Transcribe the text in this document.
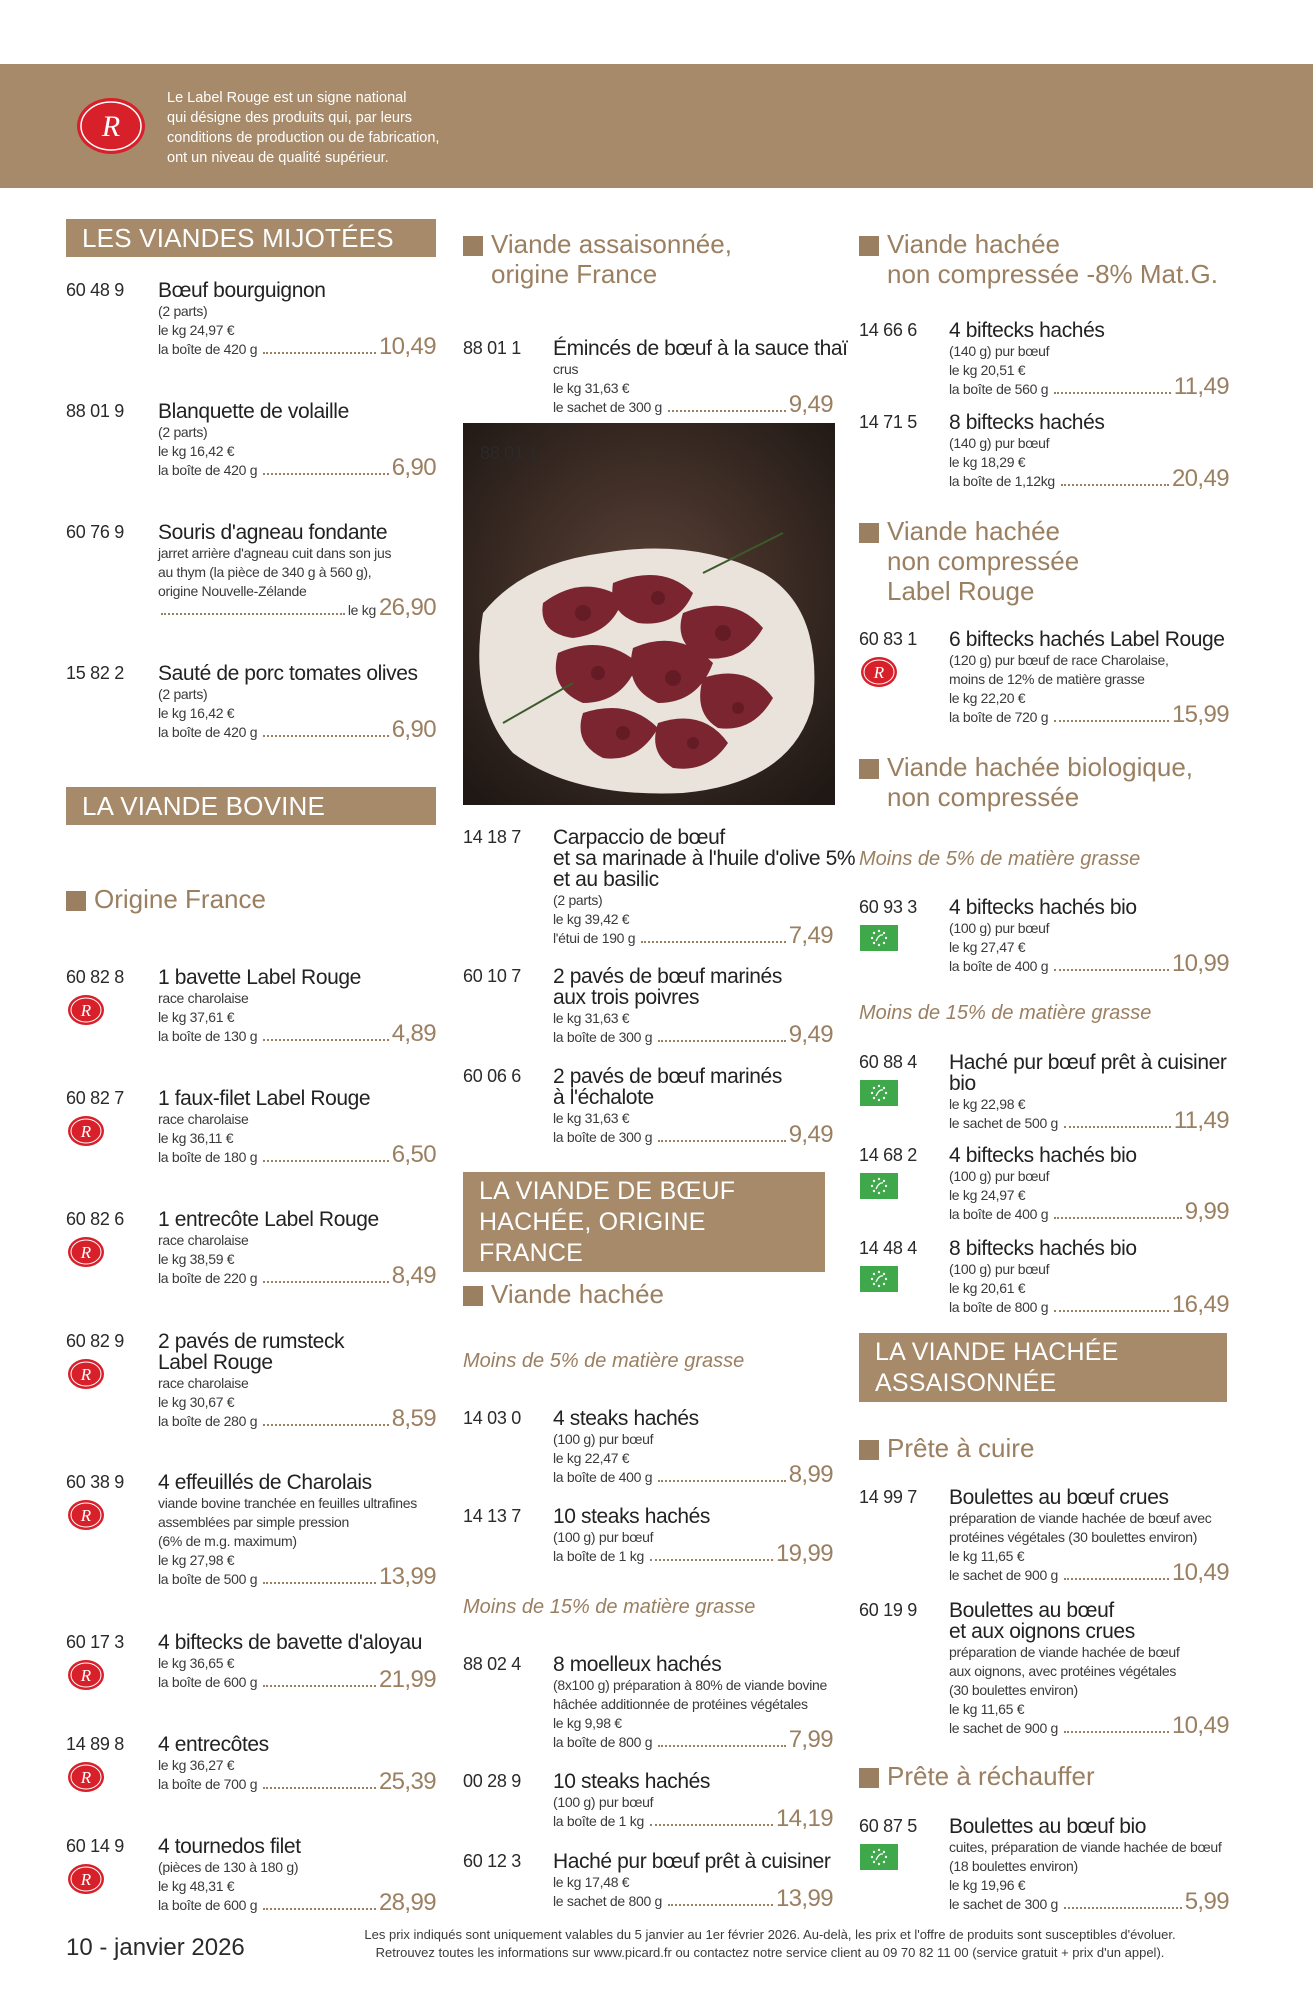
R
Le Label Rouge est un signe national
qui désigne des produits qui, par leurs
conditions de production ou de fabrication,
ont un niveau de qualité supérieur.
LES VIANDES MIJOTÉES
60 48 9 Bœuf bourguignon
(2 parts)
le kg 24,97 €
la boîte de 420 g	10,49
88 01 9 Blanquette de volaille
(2 parts)
le kg 16,42 €
la boîte de 420 g	6,90
60 76 9 Souris d'agneau fondante
jarret arrière d'agneau cuit dans son jus
au thym (la pièce de 340 g à 560 g),
origine Nouvelle-Zélande
le kg 26,90
15 82 2 Sauté de porc tomates olives
(2 parts)
le kg 16,42 €
la boîte de 420 g	6,90
LA VIANDE BOVINE
Origine France
60 82 8
R
1 bavette Label Rouge
race charolaise
le kg 37,61 €
la boîte de 130 g	4,89
60 82 7
R
1 faux-filet Label Rouge
race charolaise
le kg 36,11 €
la boîte de 180 g	6,50
60 82 6
R
1 entrecôte Label Rouge
race charolaise
le kg 38,59 €
la boîte de 220 g	8,49
60 82 9
R
2 pavés de rumsteck
Label Rouge
race charolaise
le kg 30,67 €
la boîte de 280 g	8,59
60 38 9
R
4 effeuillés de Charolais
viande bovine tranchée en feuilles ultrafines
assemblées par simple pression
(6% de m.g. maximum)
le kg 27,98 €
la boîte de 500 g	13,99
60 17 3
R
4 biftecks de bavette d'aloyau
le kg 36,65 €
la boîte de 600 g	21,99
14 89 8
R
4 entrecôtes
le kg 36,27 €
la boîte de 700 g	25,39
60 14 9
R
4 tournedos filet
(pièces de 130 à 180 g)
le kg 48,31 €
la boîte de 600 g	28,99
Viande assaisonnée,
origine France
88 01 1 Émincés de bœuf à la sauce thaï
crus
le kg 31,63 €
le sachet de 300 g	9,49
88 01 1
14 18 7 Carpaccio de bœuf
et sa marinade à l'huile d'olive 5%
et au basilic
(2 parts)
le kg 39,42 €
l'étui de 190 g	7,49
60 10 7 2 pavés de bœuf marinés
aux trois poivres
le kg 31,63 €
la boîte de 300 g	9,49
60 06 6 2 pavés de bœuf marinés
à l'échalote
le kg 31,63 €
la boîte de 300 g	9,49
LA VIANDE DE BŒUF
HACHÉE, ORIGINE FRANCE
Viande hachée
Moins de 5% de matière grasse
14 03 0 4 steaks hachés
(100 g) pur bœuf
le kg 22,47 €
la boîte de 400 g	8,99
14 13 7 10 steaks hachés
(100 g) pur bœuf
la boîte de 1 kg	19,99
Moins de 15% de matière grasse
88 02 4 8 moelleux hachés
(8x100 g) préparation à 80% de viande bovine
hâchée additionnée de protéines végétales
le kg 9,98 €
la boîte de 800 g	7,99
00 28 9 10 steaks hachés
(100 g) pur bœuf
la boîte de 1 kg	14,19
60 12 3 Haché pur bœuf prêt à cuisiner
le kg 17,48 €
le sachet de 800 g	13,99
Viande hachée
non compressée -8% Mat.G.
14 66 6 4 biftecks hachés
(140 g) pur bœuf
le kg 20,51 €
la boîte de 560 g	11,49
14 71 5 8 biftecks hachés
(140 g) pur bœuf
le kg 18,29 €
la boîte de 1,12kg	20,49
Viande hachée
non compressée
Label Rouge
60 83 1
R
6 biftecks hachés Label Rouge
(120 g) pur bœuf de race Charolaise,
moins de 12% de matière grasse
le kg 22,20 €
la boîte de 720 g	15,99
Viande hachée biologique,
non compressée
Moins de 5% de matière grasse
60 93 3 4 biftecks hachés bio
(100 g) pur bœuf
le kg 27,47 €
la boîte de 400 g	10,99
Moins de 15% de matière grasse
60 88 4 Haché pur bœuf prêt à cuisiner
bio
le kg 22,98 €
le sachet de 500 g	11,49
14 68 2 4 biftecks hachés bio
(100 g) pur bœuf
le kg 24,97 €
la boîte de 400 g	9,99
14 48 4 8 biftecks hachés bio
(100 g) pur bœuf
le kg 20,61 €
la boîte de 800 g	16,49
LA VIANDE HACHÉE
ASSAISONNÉE
Prête à cuire
14 99 7 Boulettes au bœuf crues
préparation de viande hachée de bœuf avec
protéines végétales (30 boulettes environ)
le kg 11,65 €
le sachet de 900 g	10,49
60 19 9 Boulettes au bœuf
et aux oignons crues
préparation de viande hachée de bœuf
aux oignons, avec protéines végétales
(30 boulettes environ)
le kg 11,65 €
le sachet de 900 g	10,49
Prête à réchauffer
60 87 5 Boulettes au bœuf bio
cuites, préparation de viande hachée de bœuf
(18 boulettes environ)
le kg 19,96 €
le sachet de 300 g	5,99
10 - janvier 2026	Les prix indiqués sont uniquement valables du 5 janvier au 1er février 2026. Au-delà, les prix et l'offre de produits sont susceptibles d'évoluer.
Retrouvez toutes les informations sur www.picard.fr ou contactez notre service client au 09 70 82 11 00 (service gratuit + prix d'un appel).
